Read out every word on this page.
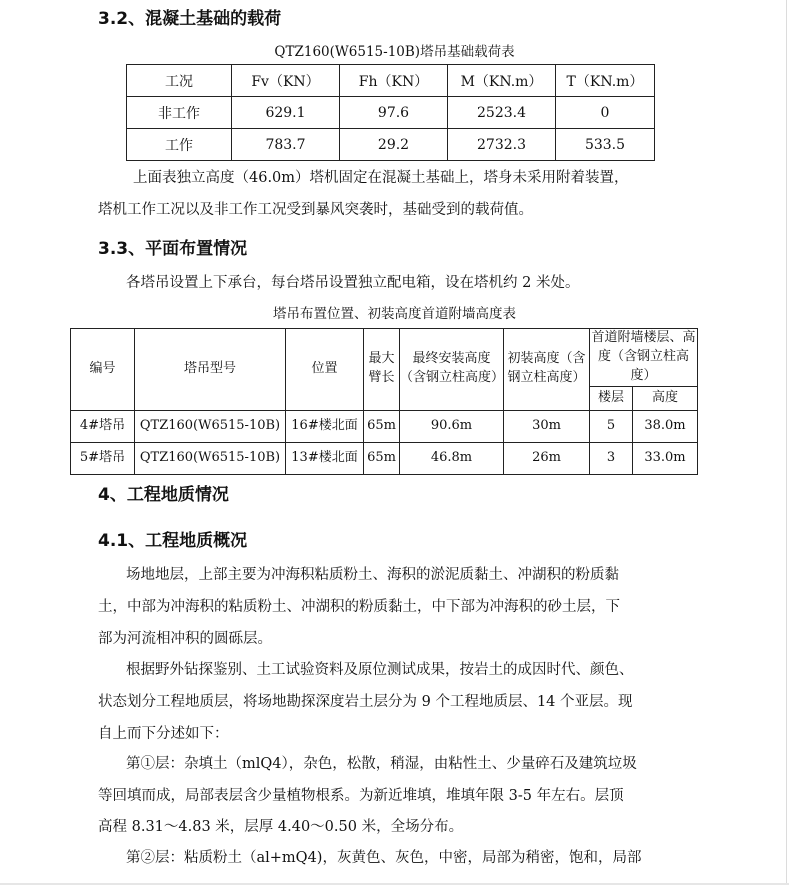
3.2、混凝土基础的载荷
QTZ160(W6515-10B)塔吊基础载荷表
工况	Fv（KN）	Fh（KN）	M（KN.m）	T（KN.m）
非工作	629.1	97.6	2523.4	0
工作	783.7	29.2	2732.3	533.5
上面表独立高度（46.0m）塔机固定在混凝土基础上，塔身未采用附着装置，
塔机工作工况以及非工作工况受到暴风突袭时，基础受到的载荷值。
3.3、平面布置情况
各塔吊设置上下承台，每台塔吊设置独立配电箱，设在塔机约 2 米处。
塔吊布置位置、初装高度首道附墙高度表
编号	塔吊型号	位置	最大臂长	最终安装高度（含钢立柱高度）	初装高度（含钢立柱高度）	首道附墙楼层、高度（含钢立柱高度）	
						楼层	高度
4#塔吊	QTZ160(W6515-10B)	16#楼北面	65m	90.6m	30m	5	38.0m
5#塔吊	QTZ160(W6515-10B)	13#楼北面	65m	46.8m	26m	3	33.0m
4、工程地质情况
4.1、工程地质概况
场地地层，上部主要为冲海积粘质粉土、海积的淤泥质黏土、冲湖积的粉质黏
土，中部为冲海积的粘质粉土、冲湖积的粉质黏土，中下部为冲海积的砂土层，下
部为河流相冲积的圆砾层。
根据野外钻探鉴别、土工试验资料及原位测试成果，按岩土的成因时代、颜色、
状态划分工程地质层，将场地勘探深度岩土层分为 9 个工程地质层、14 个亚层。现
自上而下分述如下：
第①层：杂填土（mlQ4），杂色，松散，稍湿，由粘性土、少量碎石及建筑垃圾
等回填而成，局部表层含少量植物根系。为新近堆填，堆填年限 3-5 年左右。层顶
高程 8.31～4.83 米，层厚 4.40～0.50 米，全场分布。
第②层：粘质粉土（al+mQ4)，灰黄色、灰色，中密，局部为稍密，饱和，局部
